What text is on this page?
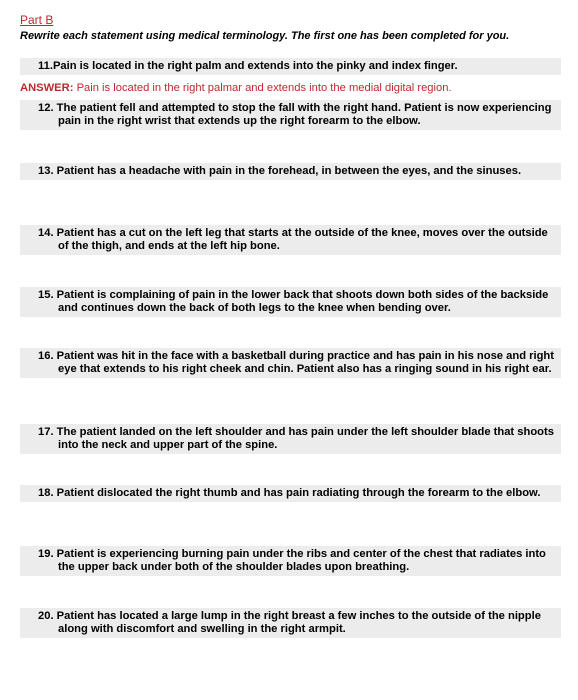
Part B
Rewrite each statement using medical terminology. The first one has been completed for you.
11.Pain is located in the right palm and extends into the pinky and index finger.
ANSWER: Pain is located in the right palmar and extends into the medial digital region.
12. The patient fell and attempted to stop the fall with the right hand. Patient is now experiencing pain in the right wrist that extends up the right forearm to the elbow.
13. Patient has a headache with pain in the forehead, in between the eyes, and the sinuses.
14. Patient has a cut on the left leg that starts at the outside of the knee, moves over the outside of the thigh, and ends at the left hip bone.
15. Patient is complaining of pain in the lower back that shoots down both sides of the backside and continues down the back of both legs to the knee when bending over.
16. Patient was hit in the face with a basketball during practice and has pain in his nose and right eye that extends to his right cheek and chin. Patient also has a ringing sound in his right ear.
17. The patient landed on the left shoulder and has pain under the left shoulder blade that shoots into the neck and upper part of the spine.
18. Patient dislocated the right thumb and has pain radiating through the forearm to the elbow.
19. Patient is experiencing burning pain under the ribs and center of the chest that radiates into the upper back under both of the shoulder blades upon breathing.
20. Patient has located a large lump in the right breast a few inches to the outside of the nipple along with discomfort and swelling in the right armpit.
